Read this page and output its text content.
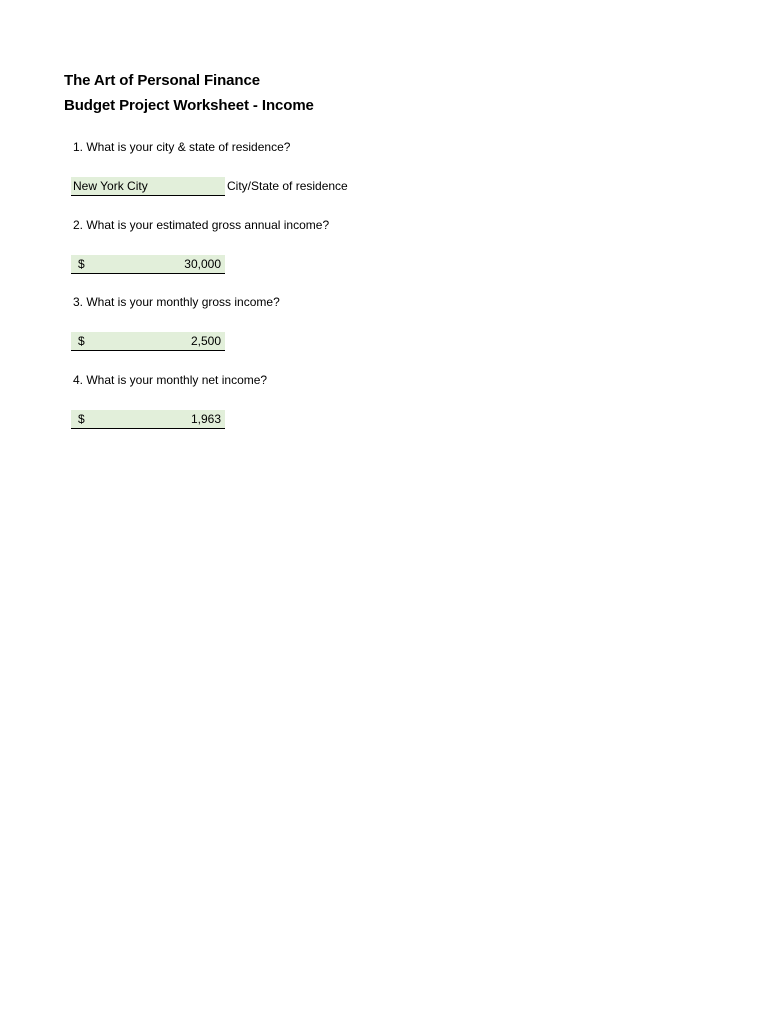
The Art of Personal Finance
Budget Project Worksheet - Income
1. What is your city & state of residence?
New York City	City/State of residence
2. What is your estimated gross annual income?
$	30,000
3. What is your monthly gross income?
$	2,500
4. What is your monthly net income?
$	1,963
